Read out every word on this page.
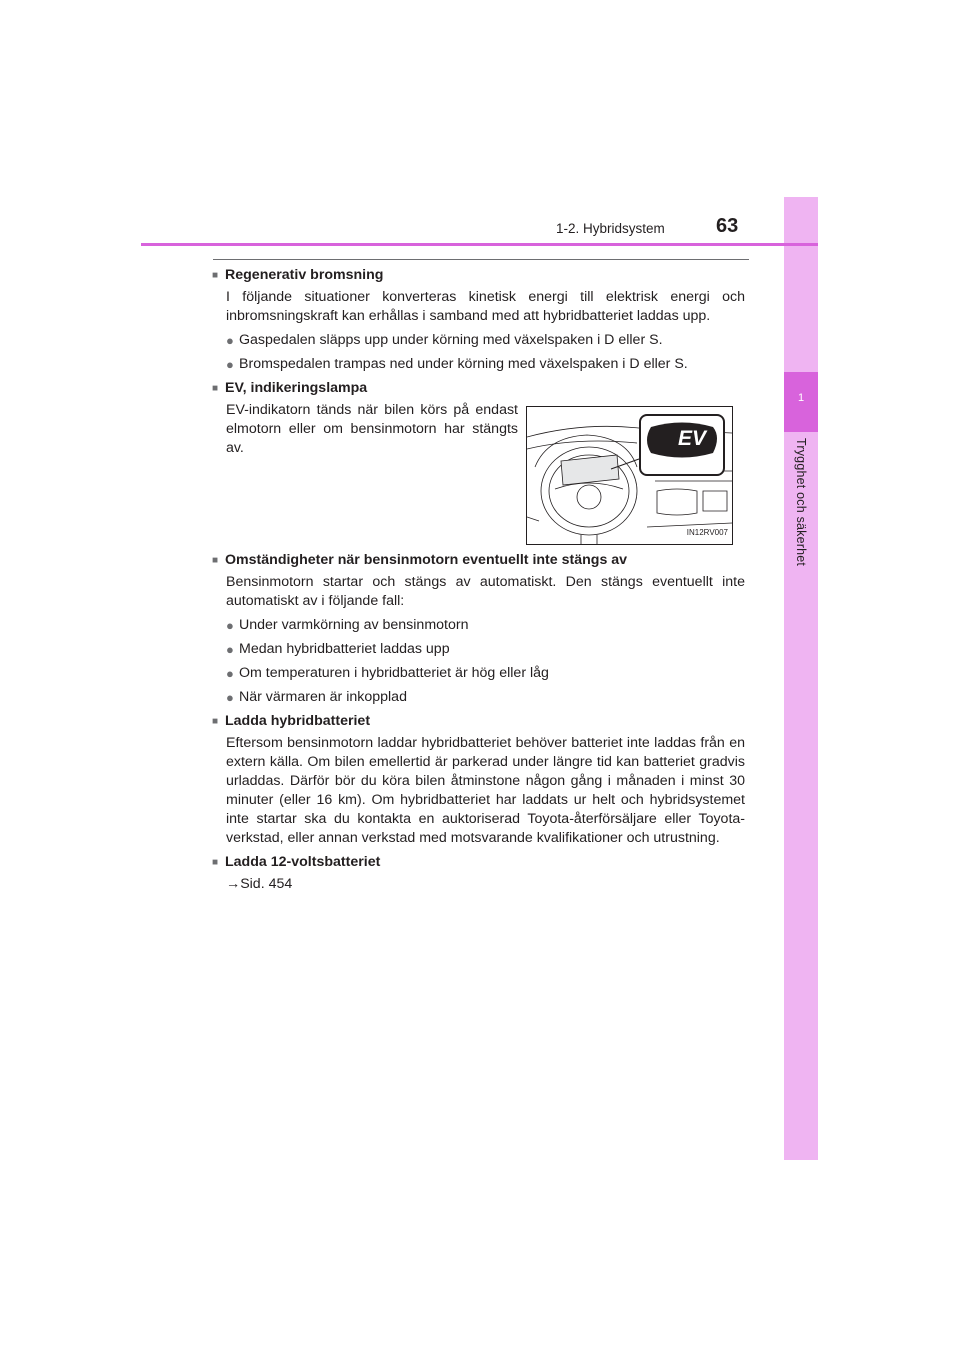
1
Trygghet och säkerhet
1-2. Hybridsystem	63

■ Regenerativ bromsning

I följande situationer konverteras kinetisk energi till elektrisk energi och inbromsningskraft kan erhållas i samband med att hybridbatteriet laddas upp.

● Gaspedalen släpps upp under körning med växelspaken i D eller S.
● Bromspedalen trampas ned under körning med växelspaken i D eller S.

■ EV, indikeringslampa

EV-indikatorn tänds när bilen körs på endast elmotorn eller om bensinmotorn har stängts av.	EV
IN12RV007

■ Omständigheter när bensinmotorn eventuellt inte stängs av

Bensinmotorn startar och stängs av automatiskt. Den stängs eventuellt inte automatiskt av i följande fall:

● Under varmkörning av bensinmotorn
● Medan hybridbatteriet laddas upp
● Om temperaturen i hybridbatteriet är hög eller låg
● När värmaren är inkopplad

■ Ladda hybridbatteriet

Eftersom bensinmotorn laddar hybridbatteriet behöver batteriet inte laddas från en extern källa. Om bilen emellertid är parkerad under längre tid kan batteriet gradvis urladdas. Därför bör du köra bilen åtminstone någon gång i månaden i minst 30 minuter (eller 16 km). Om hybridbatteriet har laddats ur helt och hybridsystemet inte startar ska du kontakta en auktoriserad Toyota-återförsäljare eller Toyota-verkstad, eller annan verkstad med motsvarande kvalifikationer och utrustning.

■ Ladda 12-voltsbatteriet

→Sid. 454
